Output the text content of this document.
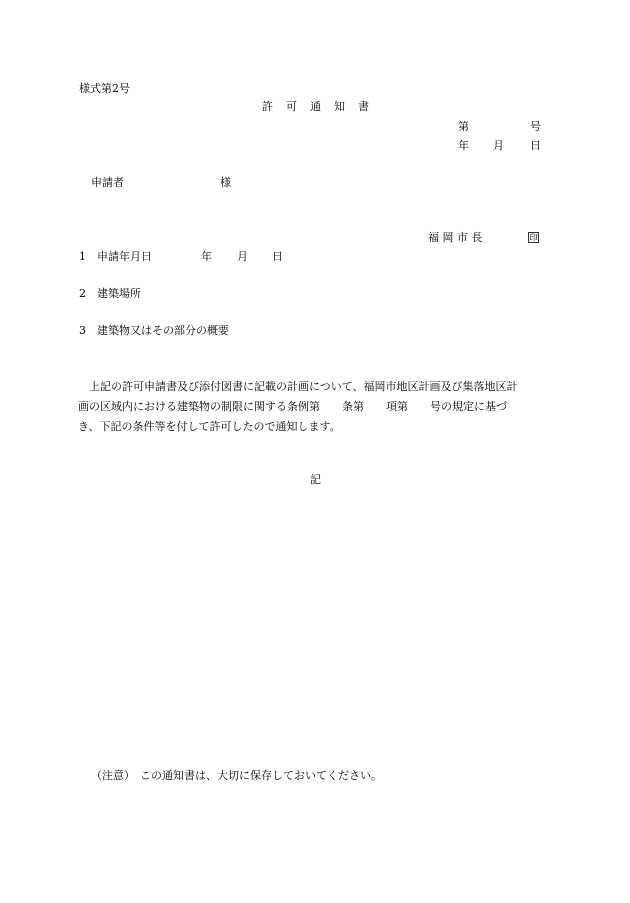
様式第2号
許　可　通　知　書
第	号
年 月 日
申請者	様
福 岡 市 長	印
1 申請年月日	年 月 日
2 建築場所
3 建築物又はその部分の概要

　上記の許可申請書及び添付図書に記載の計画について、福岡市地区計画及び集落地区計

画の区域内における建築物の制限に関する条例第　　条第　　項第　　号の規定に基づ

き、下記の条件等を付して許可したので通知します。

記
（注意） この通知書は、大切に保存しておいてください。
